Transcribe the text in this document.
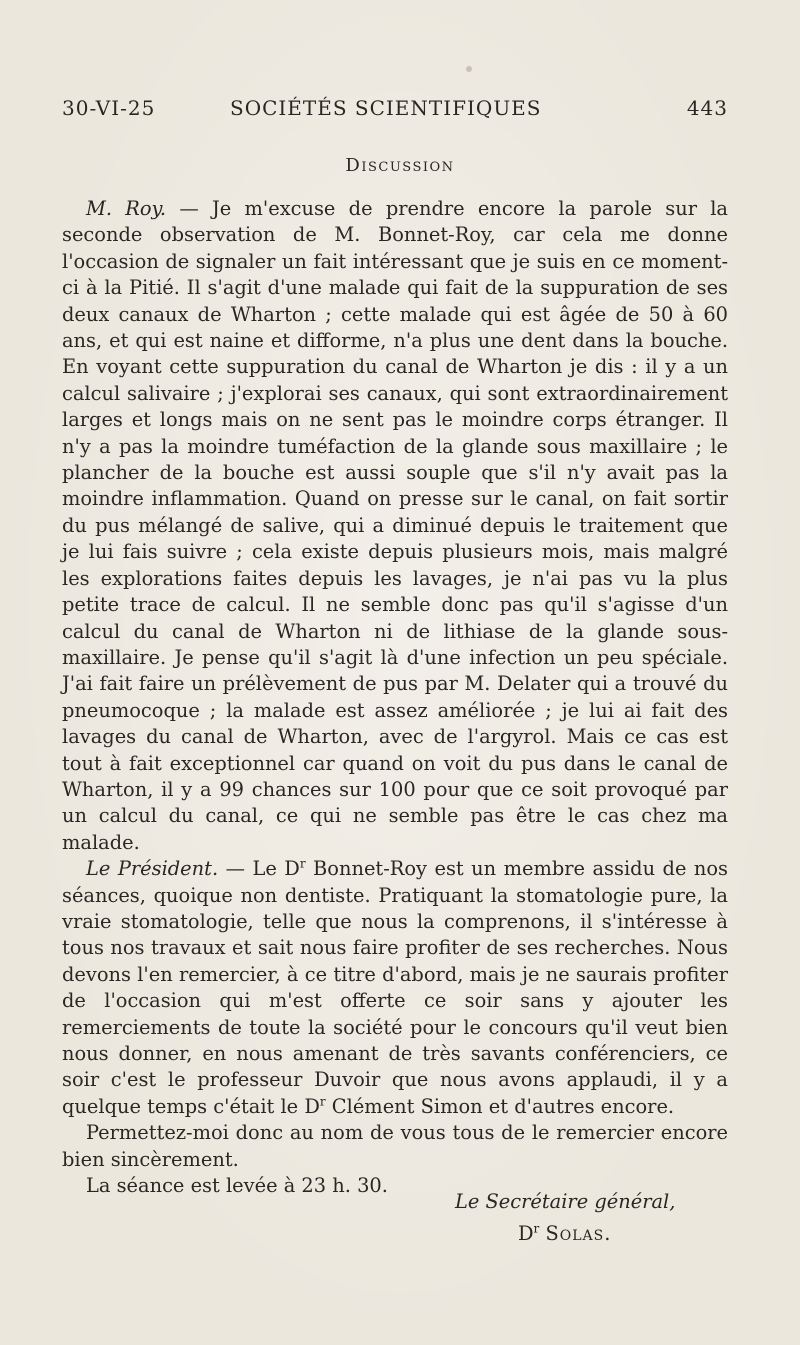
30-VI-25	SOCIÉTÉS SCIENTIFIQUES	443
Discussion

M. Roy. — Je m'excuse de prendre encore la parole sur la seconde observation de M. Bonnet-Roy, car cela me donne l'occasion de signaler un fait intéressant que je suis en ce moment-ci à la Pitié. Il s'agit d'une malade qui fait de la suppuration de ses deux canaux de Wharton ; cette malade qui est âgée de 50 à 60 ans, et qui est naine et difforme, n'a plus une dent dans la bouche. En voyant cette suppuration du canal de Wharton je dis : il y a un calcul salivaire ; j'explorai ses canaux, qui sont extraordinairement larges et longs mais on ne sent pas le moindre corps étranger. Il n'y a pas la moindre tuméfaction de la glande sous maxillaire ; le plancher de la bouche est aussi souple que s'il n'y avait pas la moindre inflammation. Quand on presse sur le canal, on fait sortir du pus mélangé de salive, qui a diminué depuis le traitement que je lui fais suivre ; cela existe depuis plusieurs mois, mais malgré les explorations faites depuis les lavages, je n'ai pas vu la plus petite trace de calcul. Il ne semble donc pas qu'il s'agisse d'un calcul du canal de Wharton ni de lithiase de la glande sous-maxillaire. Je pense qu'il s'agit là d'une infection un peu spéciale. J'ai fait faire un prélèvement de pus par M. Delater qui a trouvé du pneumocoque ; la malade est assez améliorée ; je lui ai fait des lavages du canal de Wharton, avec de l'argyrol. Mais ce cas est tout à fait exceptionnel car quand on voit du pus dans le canal de Wharton, il y a 99 chances sur 100 pour que ce soit provoqué par un calcul du canal, ce qui ne semble pas être le cas chez ma malade.

Le Président. — Le $D^r$ Bonnet-Roy est un membre assidu de nos séances, quoique non dentiste. Pratiquant la stomatologie pure, la vraie stomatologie, telle que nous la comprenons, il s'intéresse à tous nos travaux et sait nous faire profiter de ses recherches. Nous devons l'en remercier, à ce titre d'abord, mais je ne saurais profiter de l'occasion qui m'est offerte ce soir sans y ajouter les remerciements de toute la société pour le concours qu'il veut bien nous donner, en nous amenant de très savants conférenciers, ce soir c'est le professeur Duvoir que nous avons applaudi, il y a quelque temps c'était le $D^r$ Clément Simon et d'autres encore.

Permettez-moi donc au nom de vous tous de le remercier encore bien sincèrement.

La séance est levée à 23 h. 30.

Le Secrétaire général,
$D^r$ Solas.
